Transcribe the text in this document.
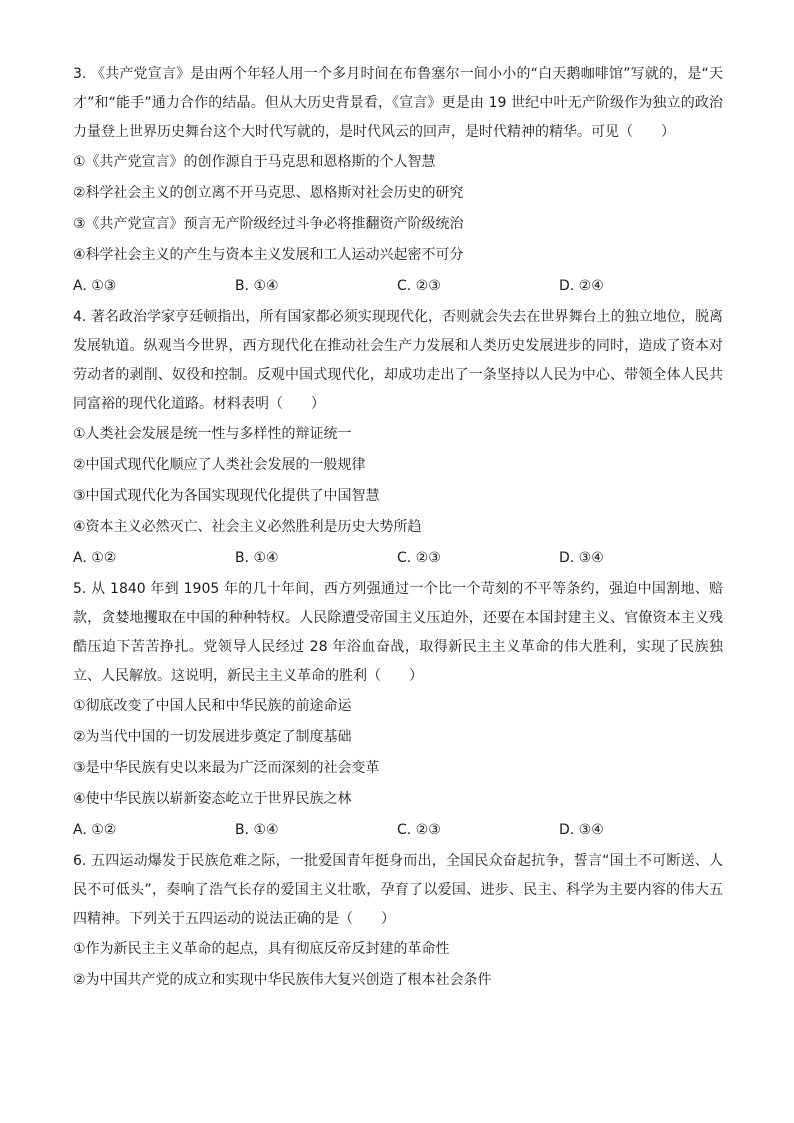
3. 《共产党宣言》是由两个年轻人用一个多月时间在布鲁塞尔一间小小的“白天鹅咖啡馆”写就的，是“天才”和“能手”通力合作的结晶。但从大历史背景看，《宣言》更是由 19 世纪中叶无产阶级作为独立的政治力量登上世界历史舞台这个大时代写就的，是时代风云的回声，是时代精神的精华。可见（　　）

①《共产党宣言》的创作源自于马克思和恩格斯的个人智慧

②科学社会主义的创立离不开马克思、恩格斯对社会历史的研究

③《共产党宣言》预言无产阶级经过斗争必将推翻资产阶级统治

④科学社会主义的产生与资本主义发展和工人运动兴起密不可分

A. ①③	B. ①④	C. ②③	D. ②④

4. 著名政治学家亨廷顿指出，所有国家都必须实现现代化，否则就会失去在世界舞台上的独立地位，脱离发展轨道。纵观当今世界，西方现代化在推动社会生产力发展和人类历史发展进步的同时，造成了资本对劳动者的剥削、奴役和控制。反观中国式现代化，却成功走出了一条坚持以人民为中心、带领全体人民共同富裕的现代化道路。材料表明（　　）

①人类社会发展是统一性与多样性的辩证统一

②中国式现代化顺应了人类社会发展的一般规律

③中国式现代化为各国实现现代化提供了中国智慧

④资本主义必然灭亡、社会主义必然胜利是历史大势所趋

A. ①②	B. ①④	C. ②③	D. ③④

5. 从 1840 年到 1905 年的几十年间，西方列强通过一个比一个苛刻的不平等条约，强迫中国割地、赔款，贪婪地攫取在中国的种种特权。人民除遭受帝国主义压迫外，还要在本国封建主义、官僚资本主义残酷压迫下苦苦挣扎。党领导人民经过 28 年浴血奋战，取得新民主主义革命的伟大胜利，实现了民族独立、人民解放。这说明，新民主主义革命的胜利（　　）

①彻底改变了中国人民和中华民族的前途命运

②为当代中国的一切发展进步奠定了制度基础

③是中华民族有史以来最为广泛而深刻的社会变革

④使中华民族以崭新姿态屹立于世界民族之林

A. ①②	B. ①④	C. ②③	D. ③④

6. 五四运动爆发于民族危难之际，一批爱国青年挺身而出，全国民众奋起抗争，誓言“国土不可断送、人民不可低头”，奏响了浩气长存的爱国主义壮歌，孕育了以爱国、进步、民主、科学为主要内容的伟大五四精神。下列关于五四运动的说法正确的是（　　）

①作为新民主主义革命的起点，具有彻底反帝反封建的革命性

②为中国共产党的成立和实现中华民族伟大复兴创造了根本社会条件
